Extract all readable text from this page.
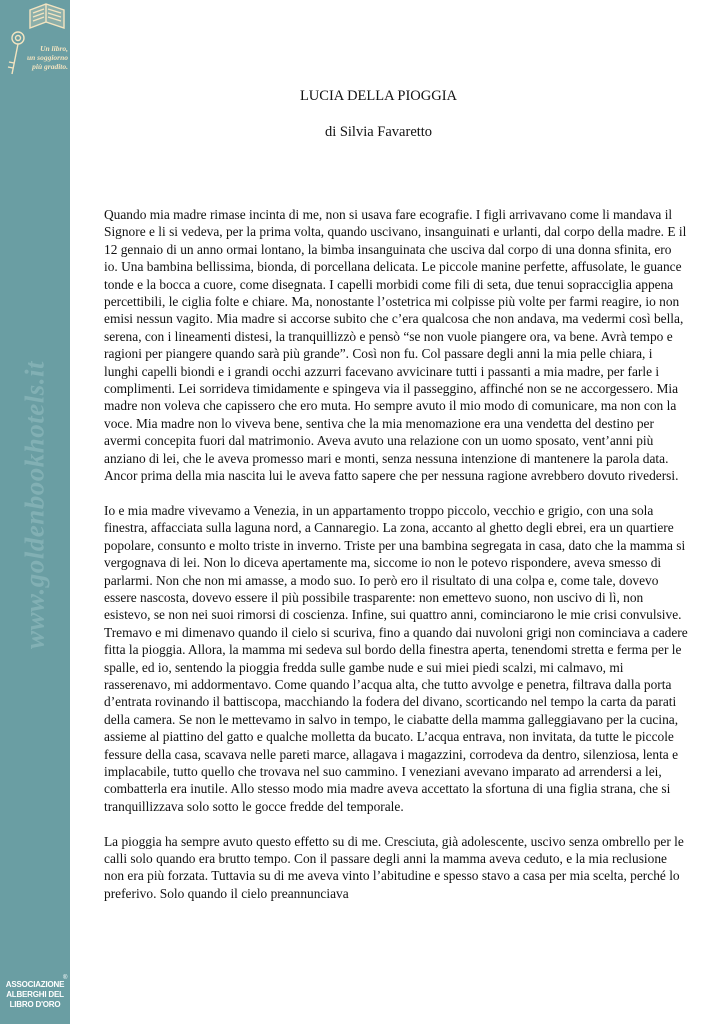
Un libro,
un soggiorno
più gradito.
www.goldenbookhotels.it
®
ASSOCIAZIONE
ALBERGHI DEL
LIBRO D'ORO
LUCIA DELLA PIOGGIA
di Silvia Favaretto

Quando mia madre rimase incinta di me, non si usava fare ecografie. I figli arrivavano come li mandava il Signore e li si vedeva, per la prima volta, quando uscivano, insanguinati e urlanti, dal corpo della madre. E il 12 gennaio di un anno ormai lontano, la bimba insanguinata che usciva dal corpo di una donna sfinita, ero io. Una bambina bellissima, bionda, di porcellana delicata. Le piccole manine perfette, affusolate, le guance tonde e la bocca a cuore, come disegnata. I capelli morbidi come fili di seta, due tenui sopracciglia appena percettibili, le ciglia folte e chiare. Ma, nonostante l’ostetrica mi colpisse più volte per farmi reagire, io non emisi nessun vagito. Mia madre si accorse subito che c’era qualcosa che non andava, ma vedermi così bella, serena, con i lineamenti distesi, la tranquillizzò e pensò “se non vuole piangere ora, va bene. Avrà tempo e ragioni per piangere quando sarà più grande”. Così non fu. Col passare degli anni la mia pelle chiara, i lunghi capelli biondi e i grandi occhi azzurri facevano avvicinare tutti i passanti a mia madre, per farle i complimenti. Lei sorrideva timidamente e spingeva via il passeggino, affinché non se ne accorgessero. Mia madre non voleva che capissero che ero muta. Ho sempre avuto il mio modo di comunicare, ma non con la voce. Mia madre non lo viveva bene, sentiva che la mia menomazione era una vendetta del destino per avermi concepita fuori dal matrimonio. Aveva avuto una relazione con un uomo sposato, vent’anni più anziano di lei, che le aveva promesso mari e monti, senza nessuna intenzione di mantenere la parola data. Ancor prima della mia nascita lui le aveva fatto sapere che per nessuna ragione avrebbero dovuto rivedersi.

Io e mia madre vivevamo a Venezia, in un appartamento troppo piccolo, vecchio e grigio, con una sola finestra, affacciata sulla laguna nord, a Cannaregio. La zona, accanto al ghetto degli ebrei, era un quartiere popolare, consunto e molto triste in inverno. Triste per una bambina segregata in casa, dato che la mamma si vergognava di lei. Non lo diceva apertamente ma, siccome io non le potevo rispondere, aveva smesso di parlarmi. Non che non mi amasse, a modo suo. Io però ero il risultato di una colpa e, come tale, dovevo essere nascosta, dovevo essere il più possibile trasparente: non emettevo suono, non uscivo di lì, non esistevo, se non nei suoi rimorsi di coscienza. Infine, sui quattro anni, cominciarono le mie crisi convulsive. Tremavo e mi dimenavo quando il cielo si scuriva, fino a quando dai nuvoloni grigi non cominciava a cadere fitta la pioggia. Allora, la mamma mi sedeva sul bordo della finestra aperta, tenendomi stretta e ferma per le spalle, ed io, sentendo la pioggia fredda sulle gambe nude e sui miei piedi scalzi, mi calmavo, mi rasserenavo, mi addormentavo. Come quando l’acqua alta, che tutto avvolge e penetra, filtrava dalla porta d’entrata rovinando il battiscopa, macchiando la fodera del divano, scorticando nel tempo la carta da parati della camera. Se non le mettevamo in salvo in tempo, le ciabatte della mamma galleggiavano per la cucina, assieme al piattino del gatto e qualche molletta da bucato. L’acqua entrava, non invitata, da tutte le piccole fessure della casa, scavava nelle pareti marce, allagava i magazzini, corrodeva da dentro, silenziosa, lenta e implacabile, tutto quello che trovava nel suo cammino. I veneziani avevano imparato ad arrendersi a lei, combatterla era inutile. Allo stesso modo mia madre aveva accettato la sfortuna di una figlia strana, che si tranquillizzava solo sotto le gocce fredde del temporale.

La pioggia ha sempre avuto questo effetto su di me. Cresciuta, già adolescente, uscivo senza ombrello per le calli solo quando era brutto tempo. Con il passare degli anni la mamma aveva ceduto, e la mia reclusione non era più forzata. Tuttavia su di me aveva vinto l’abitudine e spesso stavo a casa per mia scelta, perché lo preferivo. Solo quando il cielo preannunciava
